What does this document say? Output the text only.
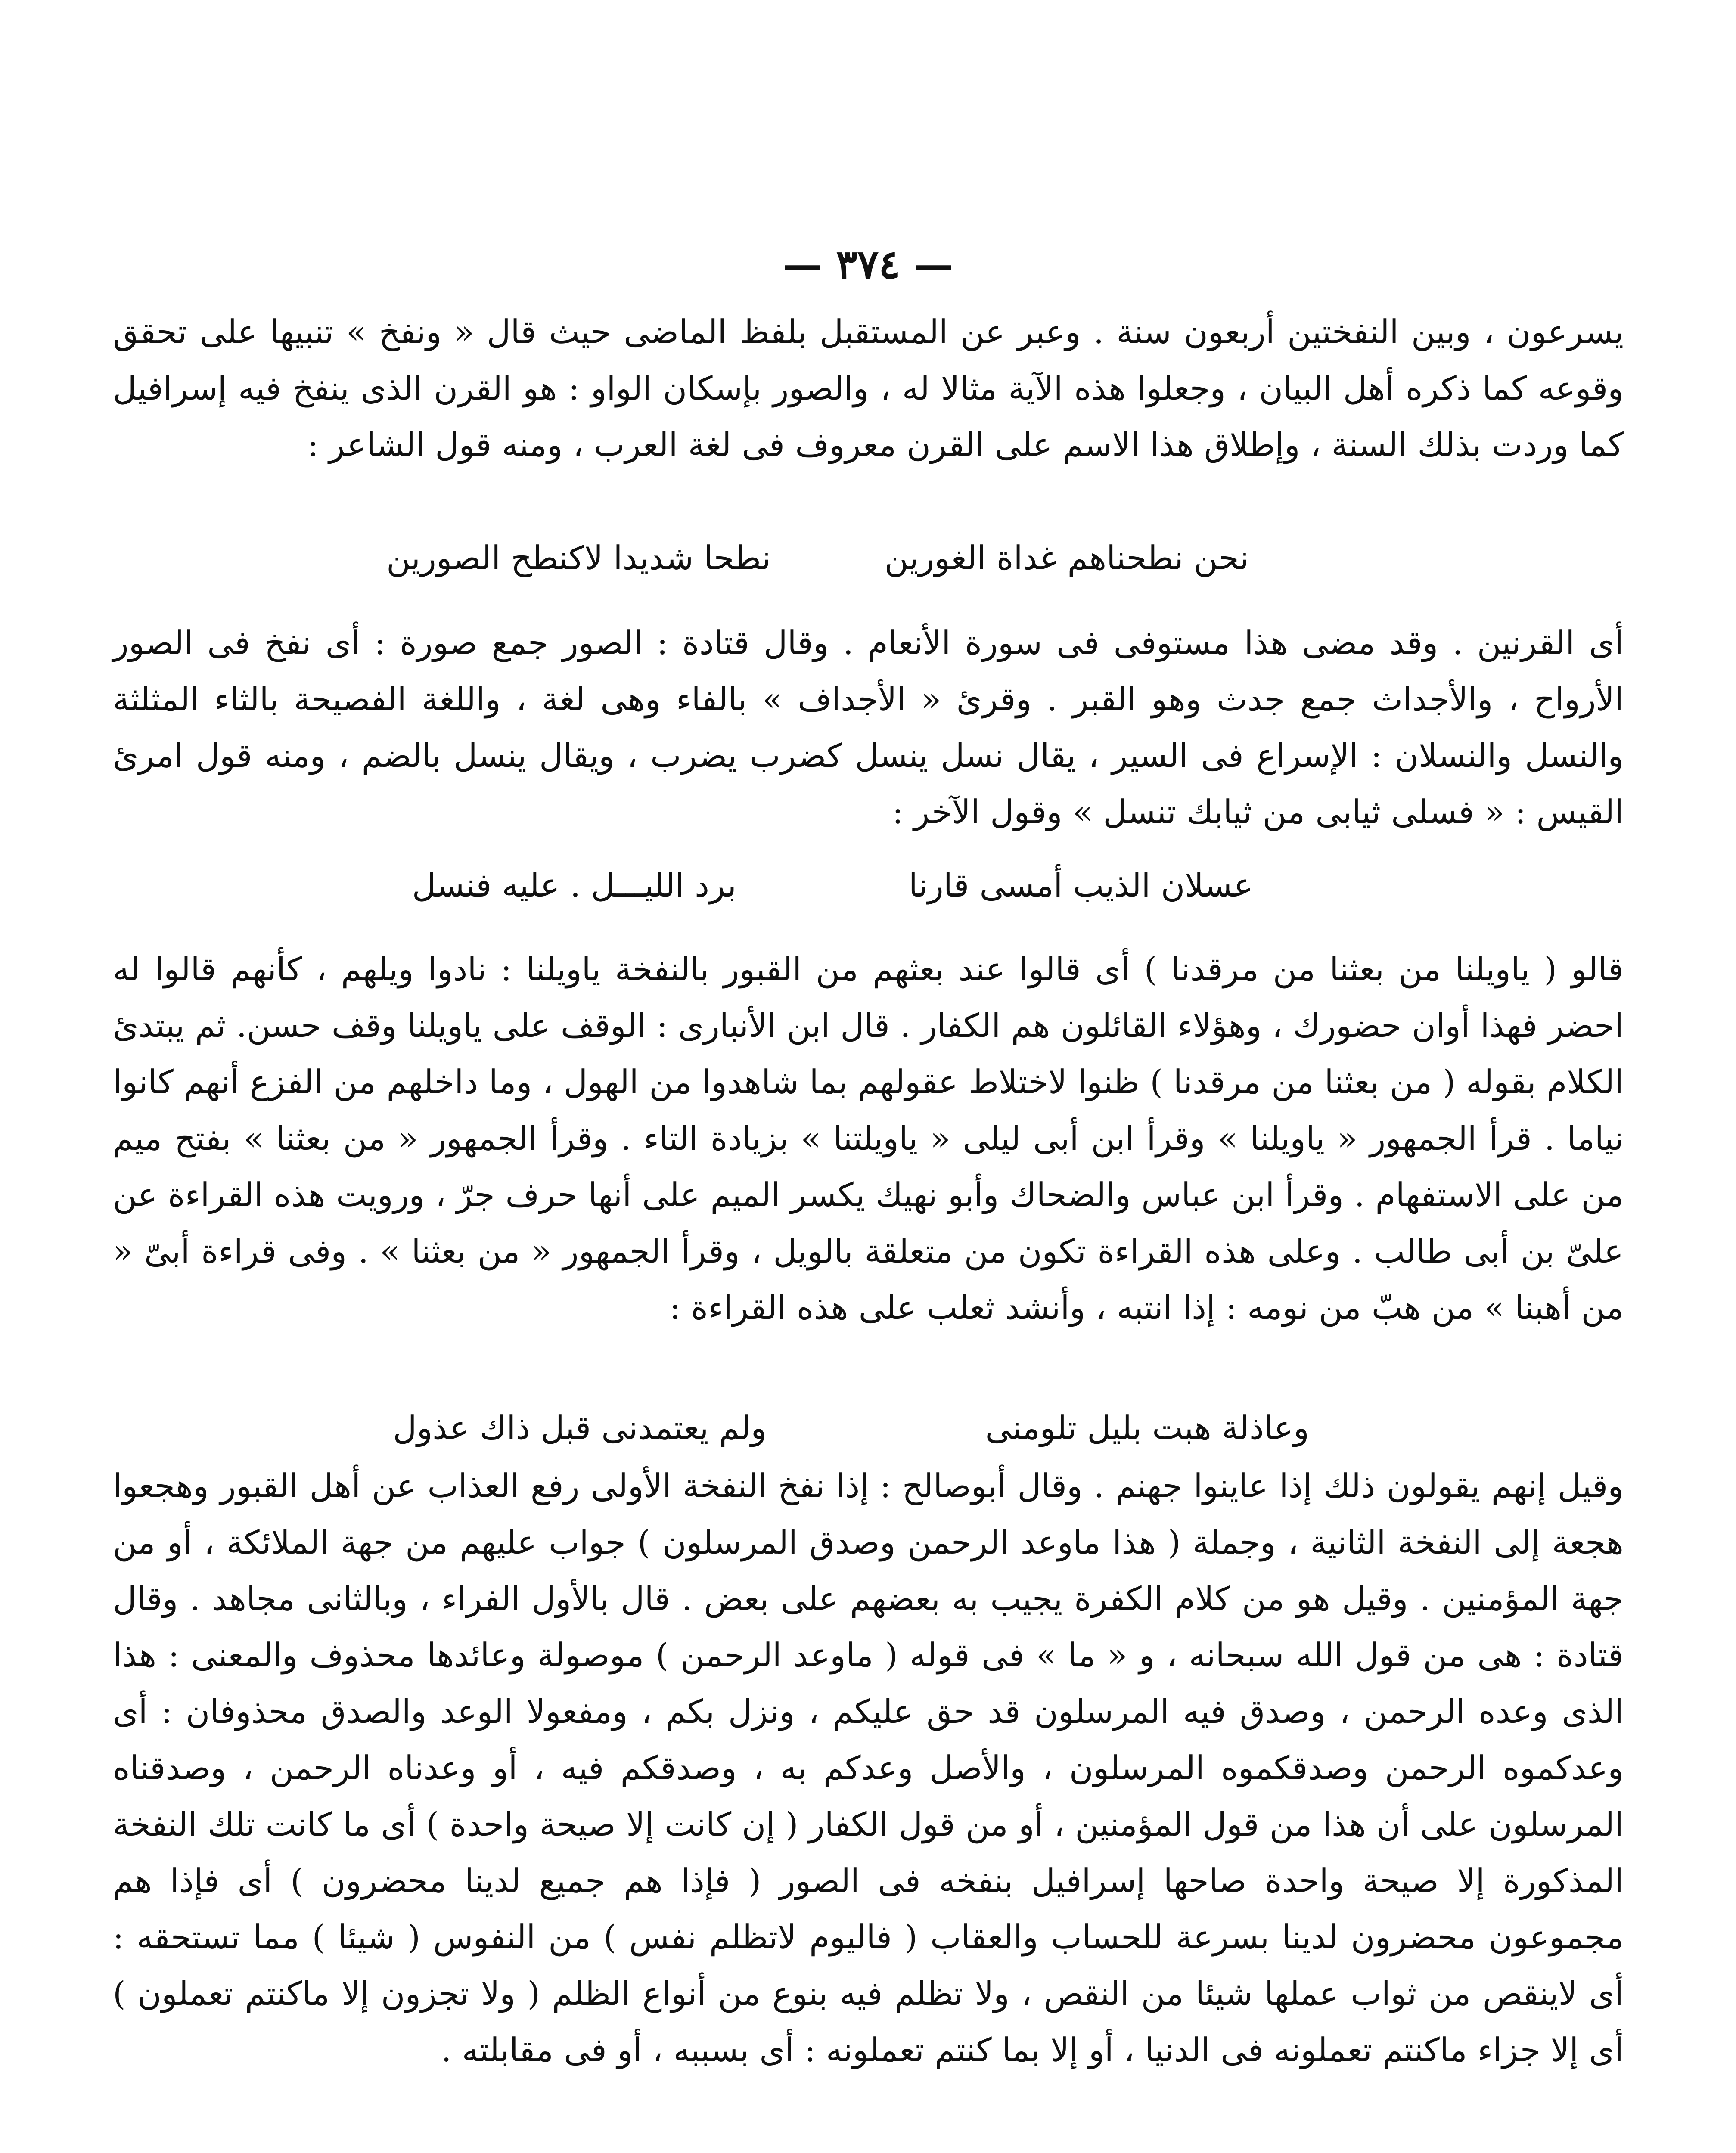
— ٣٧٤ —

يسرعون ، وبين النفختين أربعون سنة . وعبر عن المستقبل بلفظ الماضى حيث قال « ونفخ » تنبيها على تحقق وقوعه كما ذكره أهل البيان ، وجعلوا هذه الآية مثالا له ، والصور بإسكان الواو : هو القرن الذى ينفخ فيه إسرافيل كما وردت بذلك السنة ، وإطلاق هذا الاسم على القرن معروف فى لغة العرب ، ومنه قول الشاعر :

نحن نطحناهم غداة الغورين
نطحا شديدا لاكنطح الصورين

أى القرنين . وقد مضى هذا مستوفى فى سورة الأنعام . وقال قتادة : الصور جمع صورة : أى نفخ فى الصور الأرواح ، والأجداث جمع جدث وهو القبر . وقرئ « الأجداف » بالفاء وهى لغة ، واللغة الفصيحة بالثاء المثلثة والنسل والنسلان : الإسراع فى السير ، يقال نسل ينسل كضرب يضرب ، ويقال ينسل بالضم ، ومنه قول امرئ القيس : « فسلى ثيابى من ثيابك تنسل » وقول الآخر :

عسلان الذيب أمسى قارنا
برد الليـــل . عليه فنسل

قالو ( ياويلنا من بعثنا من مرقدنا ) أى قالوا عند بعثهم من القبور بالنفخة ياويلنا : نادوا ويلهم ، كأنهم قالوا له احضر فهذا أوان حضورك ، وهؤلاء القائلون هم الكفار . قال ابن الأنبارى : الوقف على ياويلنا وقف حسن. ثم يبتدئ الكلام بقوله ( من بعثنا من مرقدنا ) ظنوا لاختلاط عقولهم بما شاهدوا من الهول ، وما داخلهم من الفزع أنهم كانوا نياما . قرأ الجمهور « ياويلنا » وقرأ ابن أبى ليلى « ياويلتنا » بزيادة التاء . وقرأ الجمهور « من بعثنا » بفتح ميم من على الاستفهام . وقرأ ابن عباس والضحاك وأبو نهيك يكسر الميم على أنها حرف جرّ ، ورويت هذه القراءة عن علىّ بن أبى طالب . وعلى هذه القراءة تكون من متعلقة بالويل ، وقرأ الجمهور « من بعثنا » . وفى قراءة أبىّ « من أهبنا » من هبّ من نومه : إذا انتبه ، وأنشد ثعلب على هذه القراءة :

وعاذلة هبت بليل تلومنى
ولم يعتمدنى قبل ذاك عذول

وقيل إنهم يقولون ذلك إذا عاينوا جهنم . وقال أبوصالح : إذا نفخ النفخة الأولى رفع العذاب عن أهل القبور وهجعوا هجعة إلى النفخة الثانية ، وجملة ( هذا ماوعد الرحمن وصدق المرسلون ) جواب عليهم من جهة الملائكة ، أو من جهة المؤمنين . وقيل هو من كلام الكفرة يجيب به بعضهم على بعض . قال بالأول الفراء ، وبالثانى مجاهد . وقال قتادة : هى من قول الله سبحانه ، و « ما » فى قوله ( ماوعد الرحمن ) موصولة وعائدها محذوف والمعنى : هذا الذى وعده الرحمن ، وصدق فيه المرسلون قد حق عليكم ، ونزل بكم ، ومفعولا الوعد والصدق محذوفان : أى وعدكموه الرحمن وصدقكموه المرسلون ، والأصل وعدكم به ، وصدقكم فيه ، أو وعدناه الرحمن ، وصدقناه المرسلون على أن هذا من قول المؤمنين ، أو من قول الكفار ( إن كانت إلا صيحة واحدة ) أى ما كانت تلك النفخة المذكورة إلا صيحة واحدة صاحها إسرافيل بنفخه فى الصور ( فإذا هم جميع لدينا محضرون ) أى فإذا هم مجموعون محضرون لدينا بسرعة للحساب والعقاب ( فاليوم لاتظلم نفس ) من النفوس ( شيئا ) مما تستحقه : أى لاينقص من ثواب عملها شيئا من النقص ، ولا تظلم فيه بنوع من أنواع الظلم ( ولا تجزون إلا ماكنتم تعملون ) أى إلا جزاء ماكنتم تعملونه فى الدنيا ، أو إلا بما كنتم تعملونه : أى بسببه ، أو فى مقابلته .
